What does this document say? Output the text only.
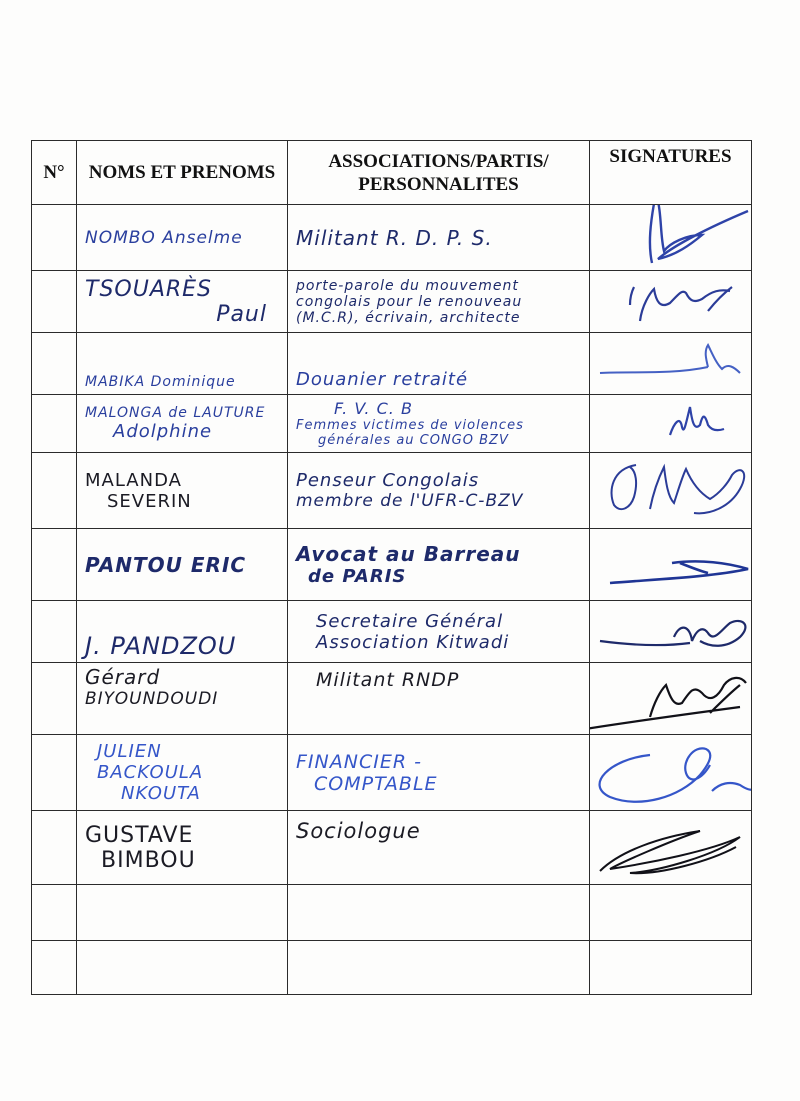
N°	NOMS ET PRENOMS	ASSOCIATIONS/PARTIS/ PERSONNALITES	SIGNATURES

	NOMBO Anselme	Militant R. D. P. S.

	TSOUARÈS
Paul	porte-parole du mouvement
congolais pour le renouveau
(M.C.R), écrivain, architecte

	MABIKA Dominique	Douanier retraité

	MALONGA de LAUTURE
Adolphine	F. V. C. B
Femmes victimes de violences
générales au CONGO BZV

	MALANDA
SEVERIN	Penseur Congolais
membre de l'UFR-C-BZV

	PANTOU ERIC	Avocat au Barreau
de PARIS

	J. PANDZOU	Secretaire Général
Association Kitwadi

	Gérard
BIYOUNDOUDI	Militant RNDP

	JULIEN
BACKOULA
NKOUTA	FINANCIER -
COMPTABLE

	GUSTAVE
BIMBOU	Sociologue
